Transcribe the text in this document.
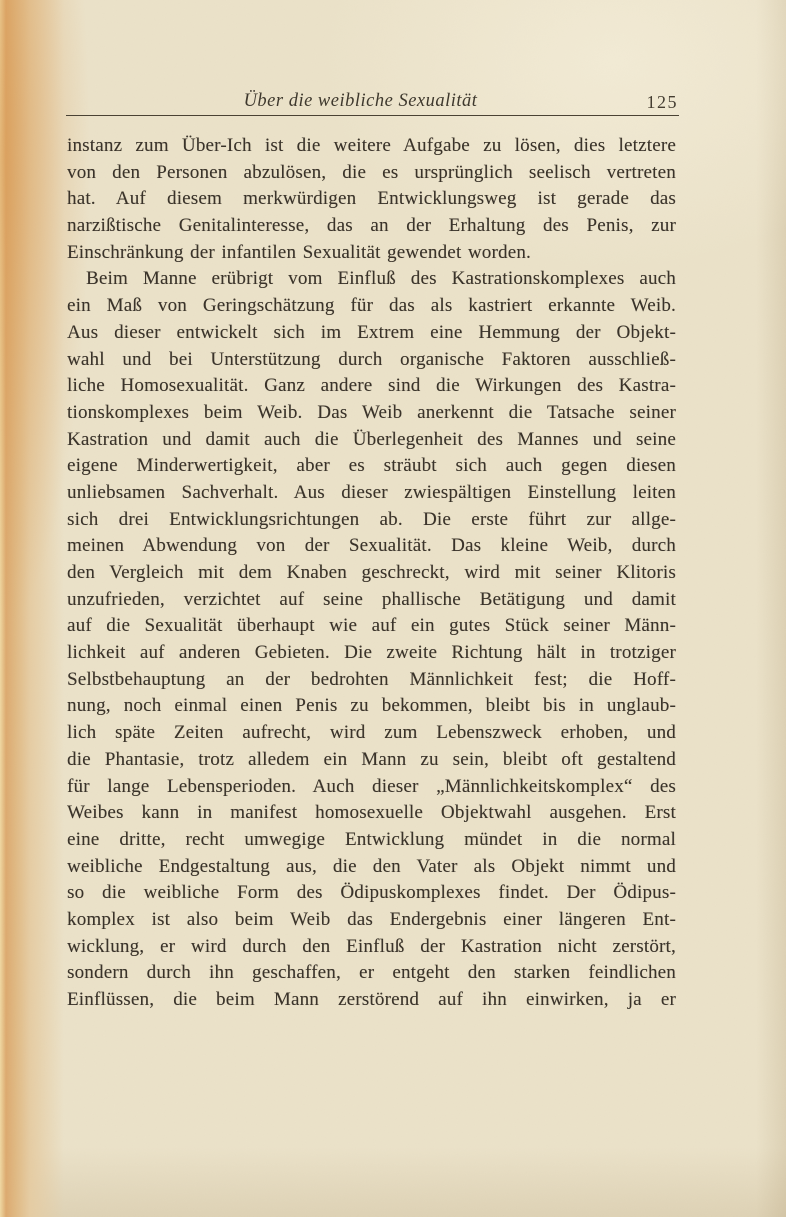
Über die weibliche Sexualität	125
instanz zum Über-Ich ist die weitere Aufgabe zu lösen, dies letztere
von den Personen abzulösen, die es ursprünglich seelisch vertreten
hat. Auf diesem merkwürdigen Entwicklungsweg ist gerade das
narzißtische Genitalinteresse, das an der Erhaltung des Penis, zur
Einschränkung der infantilen Sexualität gewendet worden.
Beim Manne erübrigt vom Einfluß des Kastrationskomplexes auch
ein Maß von Geringschätzung für das als kastriert erkannte Weib.
Aus dieser entwickelt sich im Extrem eine Hemmung der Objekt-
wahl und bei Unterstützung durch organische Faktoren ausschließ-
liche Homosexualität. Ganz andere sind die Wirkungen des Kastra-
tionskomplexes beim Weib. Das Weib anerkennt die Tatsache seiner
Kastration und damit auch die Überlegenheit des Mannes und seine
eigene Minderwertigkeit, aber es sträubt sich auch gegen diesen
unliebsamen Sachverhalt. Aus dieser zwiespältigen Einstellung leiten
sich drei Entwicklungsrichtungen ab. Die erste führt zur allge-
meinen Abwendung von der Sexualität. Das kleine Weib, durch
den Vergleich mit dem Knaben geschreckt, wird mit seiner Klitoris
unzufrieden, verzichtet auf seine phallische Betätigung und damit
auf die Sexualität überhaupt wie auf ein gutes Stück seiner Männ-
lichkeit auf anderen Gebieten. Die zweite Richtung hält in trotziger
Selbstbehauptung an der bedrohten Männlichkeit fest; die Hoff-
nung, noch einmal einen Penis zu bekommen, bleibt bis in unglaub-
lich späte Zeiten aufrecht, wird zum Lebenszweck erhoben, und
die Phantasie, trotz alledem ein Mann zu sein, bleibt oft gestaltend
für lange Lebensperioden. Auch dieser „Männlichkeitskomplex“ des
Weibes kann in manifest homosexuelle Objektwahl ausgehen. Erst
eine dritte, recht umwegige Entwicklung mündet in die normal
weibliche Endgestaltung aus, die den Vater als Objekt nimmt und
so die weibliche Form des Ödipuskomplexes findet. Der Ödipus-
komplex ist also beim Weib das Endergebnis einer längeren Ent-
wicklung, er wird durch den Einfluß der Kastration nicht zerstört,
sondern durch ihn geschaffen, er entgeht den starken feindlichen
Einflüssen, die beim Mann zerstörend auf ihn einwirken, ja er
